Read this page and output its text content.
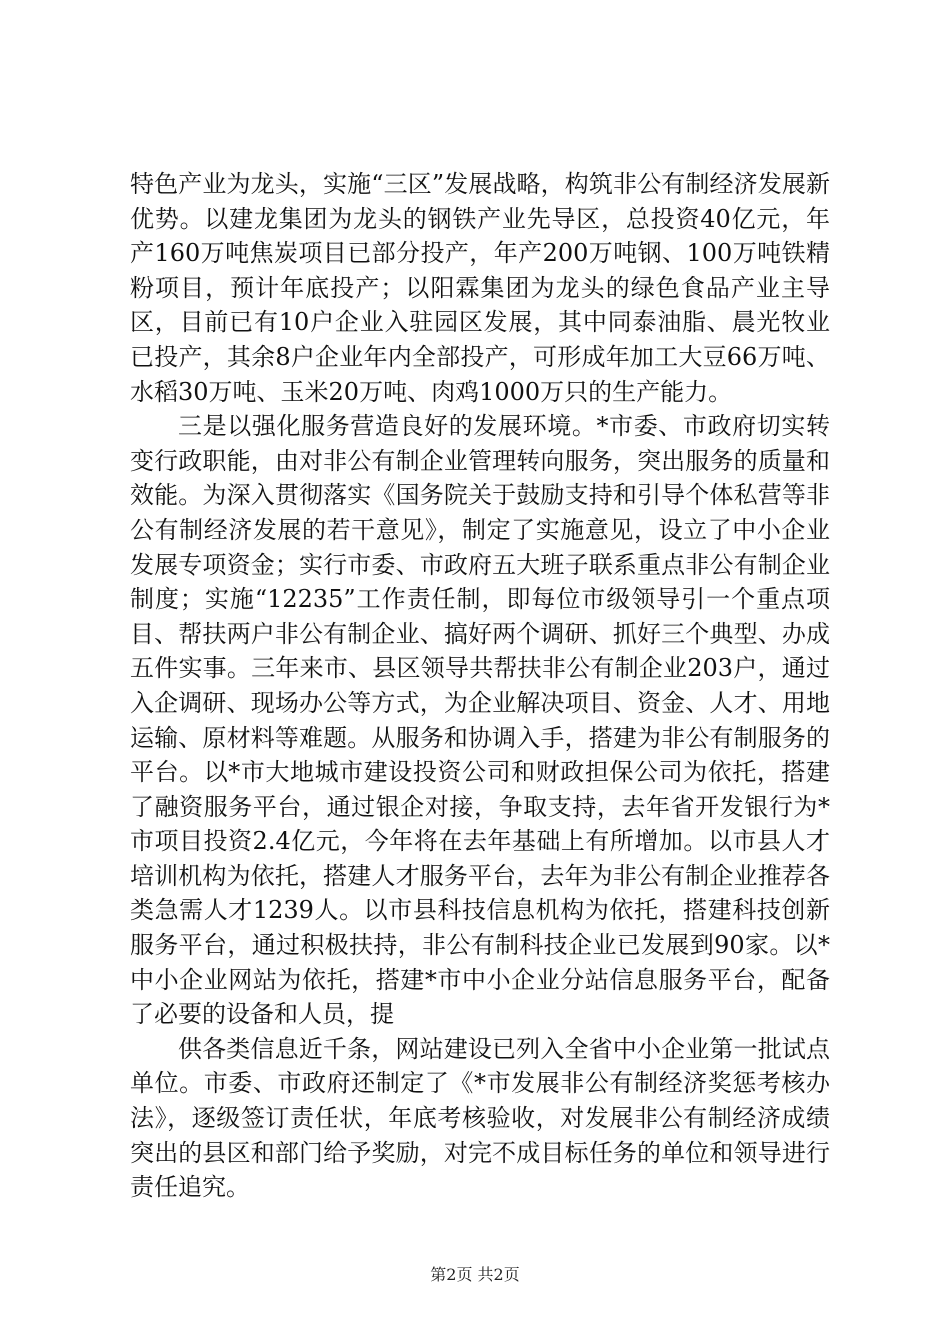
特色产业为龙头，实施“三区”发展战略，构筑非公有制经济发展新优势。以建龙集团为龙头的钢铁产业先导区，总投资40亿元，年产160万吨焦炭项目已部分投产，年产200万吨钢、100万吨铁精粉项目，预计年底投产；以阳霖集团为龙头的绿色食品产业主导区，目前已有10户企业入驻园区发展，其中同泰油脂、晨光牧业已投产，其余8户企业年内全部投产，可形成年加工大豆66万吨、水稻30万吨、玉米20万吨、肉鸡1000万只的生产能力。

三是以强化服务营造良好的发展环境。*市委、市政府切实转变行政职能，由对非公有制企业管理转向服务，突出服务的质量和效能。为深入贯彻落实《国务院关于鼓励支持和引导个体私营等非公有制经济发展的若干意见》，制定了实施意见，设立了中小企业发展专项资金；实行市委、市政府五大班子联系重点非公有制企业制度；实施“12235”工作责任制，即每位市级领导引一个重点项目、帮扶两户非公有制企业、搞好两个调研、抓好三个典型、办成五件实事。三年来市、县区领导共帮扶非公有制企业203户，通过入企调研、现场办公等方式，为企业解决项目、资金、人才、用地运输、原材料等难题。从服务和协调入手，搭建为非公有制服务的平台。以*市大地城市建设投资公司和财政担保公司为依托，搭建了融资服务平台，通过银企对接，争取支持，去年省开发银行为*市项目投资2.4亿元，今年将在去年基础上有所增加。以市县人才培训机构为依托，搭建人才服务平台，去年为非公有制企业推荐各类急需人才1239人。以市县科技信息机构为依托，搭建科技创新服务平台，通过积极扶持，非公有制科技企业已发展到90家。以*中小企业网站为依托，搭建*市中小企业分站信息服务平台，配备了必要的设备和人员，提

供各类信息近千条，网站建设已列入全省中小企业第一批试点单位。市委、市政府还制定了《*市发展非公有制经济奖惩考核办法》，逐级签订责任状，年底考核验收，对发展非公有制经济成绩突出的县区和部门给予奖励，对完不成目标任务的单位和领导进行责任追究。

第2页 共2页
